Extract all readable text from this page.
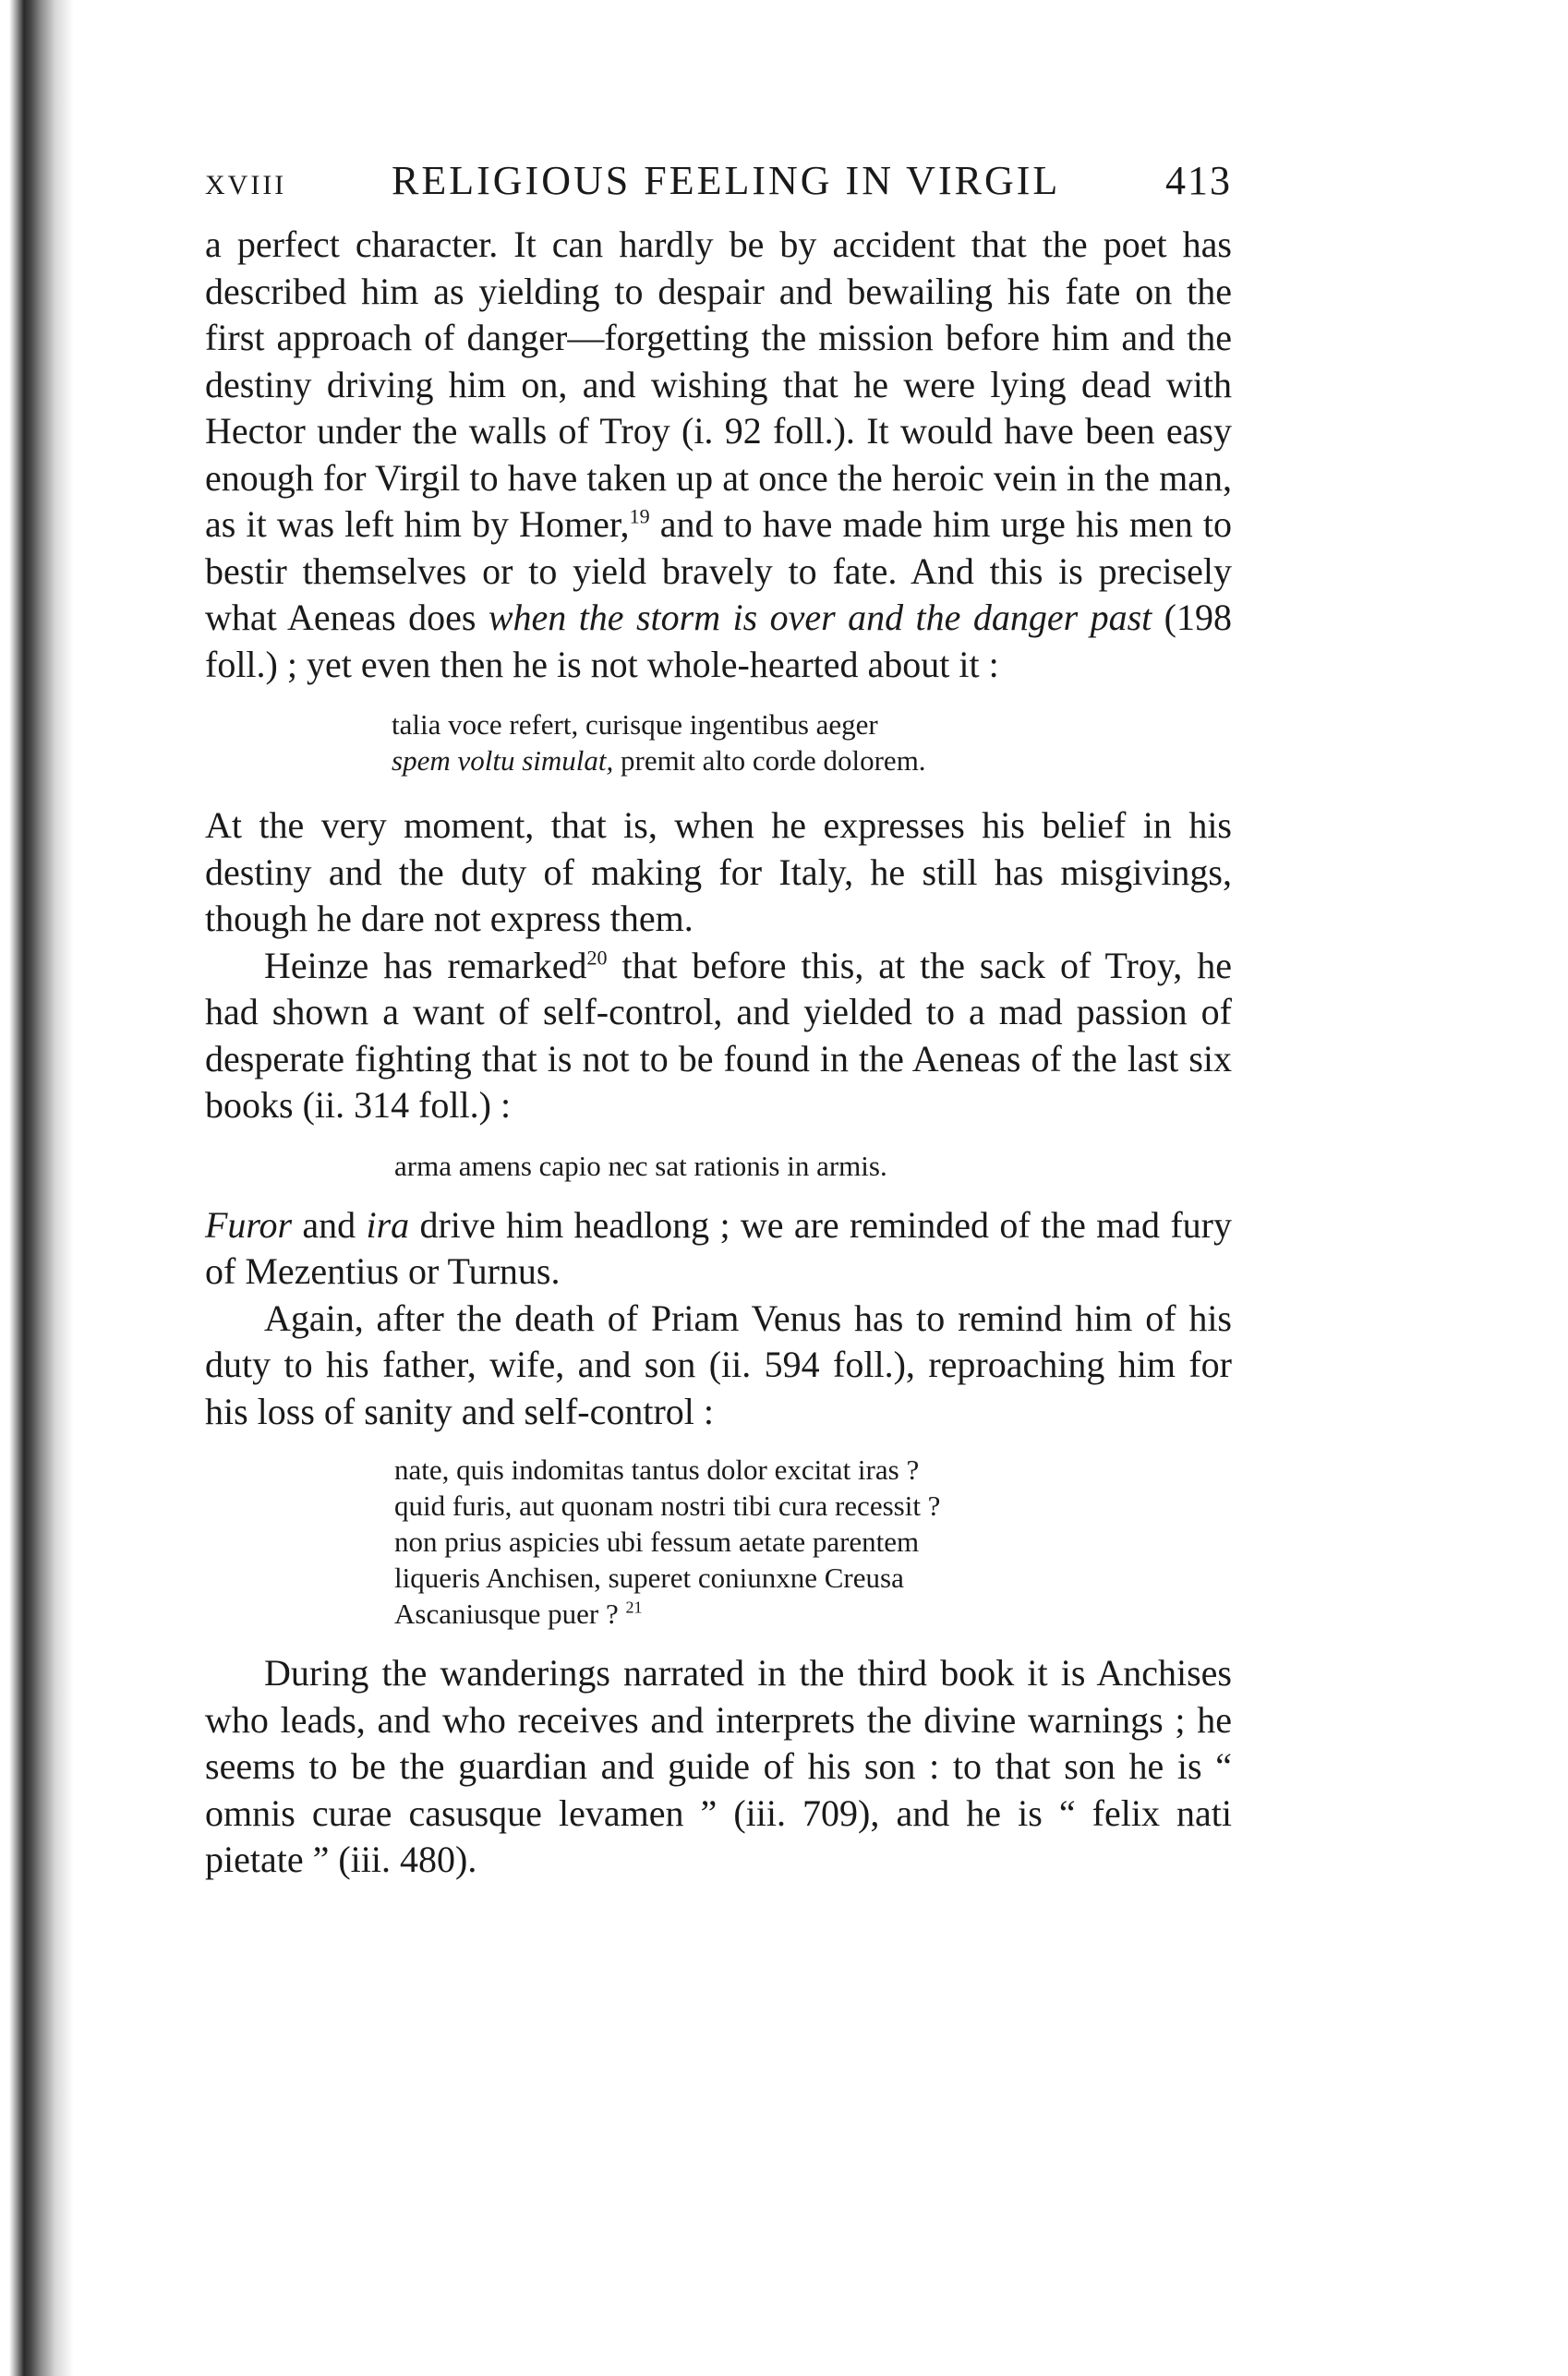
XVIII	RELIGIOUS FEELING IN VIRGIL	413

a perfect character. It can hardly be by accident that the poet has described him as yielding to despair and bewailing his fate on the first approach of danger—forgetting the mission before him and the destiny driving him on, and wishing that he were lying dead with Hector under the walls of Troy (i. 92 foll.). It would have been easy enough for Virgil to have taken up at once the heroic vein in the man, as it was left him by Homer,$^{19}$ and to have made him urge his men to bestir themselves or to yield bravely to fate. And this is precisely what Aeneas does when the storm is over and the danger past (198 foll.) ; yet even then he is not whole-hearted about it :

talia voce refert, curisque ingentibus aeger
spem voltu simulat, premit alto corde dolorem.

At the very moment, that is, when he expresses his belief in his destiny and the duty of making for Italy, he still has misgivings, though he dare not express them.

Heinze has remarked$^{20}$ that before this, at the sack of Troy, he had shown a want of self-control, and yielded to a mad passion of desperate fighting that is not to be found in the Aeneas of the last six books (ii. 314 foll.) :

arma amens capio nec sat rationis in armis.

Furor and ira drive him headlong ; we are reminded of the mad fury of Mezentius or Turnus.

Again, after the death of Priam Venus has to remind him of his duty to his father, wife, and son (ii. 594 foll.), reproaching him for his loss of sanity and self-control :

nate, quis indomitas tantus dolor excitat iras ?
quid furis, aut quonam nostri tibi cura recessit ?
non prius aspicies ubi fessum aetate parentem
liqueris Anchisen, superet coniunxne Creusa
Ascaniusque puer ? $^{21}$

During the wanderings narrated in the third book it is Anchises who leads, and who receives and interprets the divine warnings ; he seems to be the guardian and guide of his son : to that son he is “ omnis curae casusque levamen ” (iii. 709), and he is “ felix nati pietate ” (iii. 480).
